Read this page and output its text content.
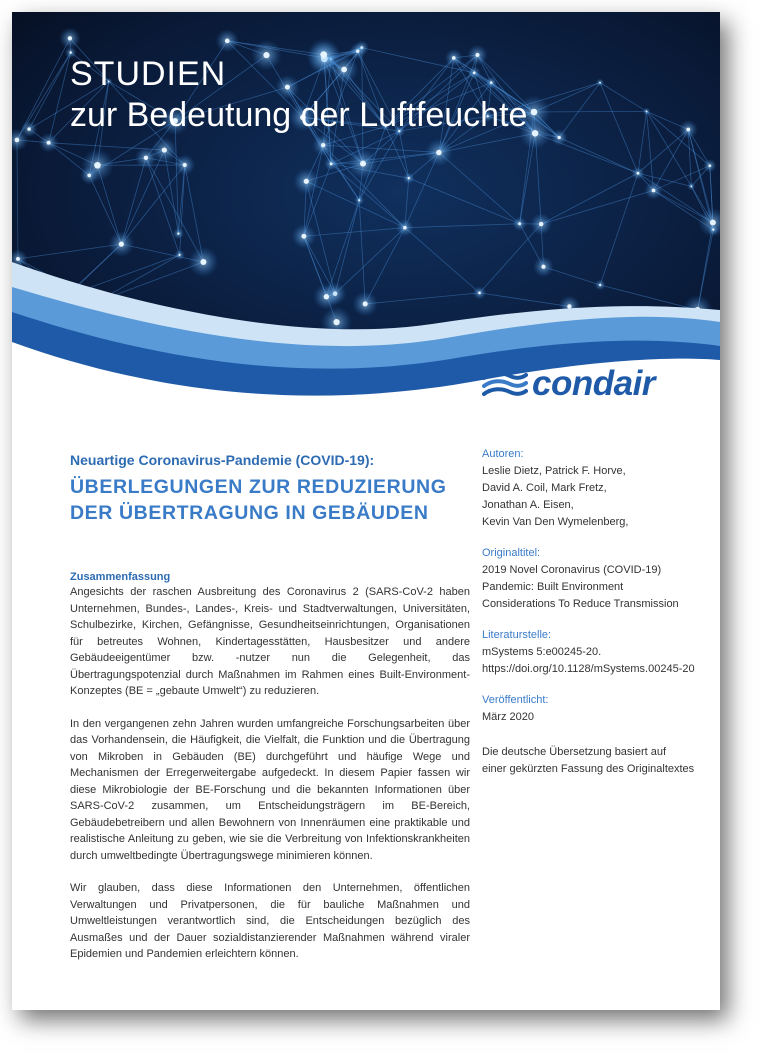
STUDIEN
zur Bedeutung der Luftfeuchte
condair

Neuartige Coronavirus-Pandemie (COVID-19):

ÜBERLEGUNGEN ZUR REDUZIERUNG
DER ÜBERTRAGUNG IN GEBÄUDEN
Zusammenfassung

Angesichts der raschen Ausbreitung des Coronavirus 2 (SARS-CoV-2 haben Unternehmen, Bundes-, Landes-, Kreis- und Stadtverwaltungen, Universitäten, Schulbezirke, Kirchen, Gefängnisse, Gesundheitseinrichtungen, Organisationen für betreutes Wohnen, Kindertagesstätten, Hausbesitzer und andere Gebäudeeigentümer bzw. -nutzer nun die Gelegenheit, das Übertragungspotenzial durch Maßnahmen im Rahmen eines Built-Environment-Konzeptes (BE = „gebaute Umwelt“) zu reduzieren.

In den vergangenen zehn Jahren wurden umfangreiche Forschungsarbeiten über das Vorhandensein, die Häufigkeit, die Vielfalt, die Funktion und die Übertragung von Mikroben in Gebäuden (BE) durchgeführt und häufige Wege und Mechanismen der Erregerweitergabe aufgedeckt. In diesem Papier fassen wir diese Mikrobiologie der BE-Forschung und die bekannten Informationen über SARS-CoV-2 zusammen, um Entscheidungsträgern im BE-Bereich, Gebäudebetreibern und allen Bewohnern von Innenräumen eine praktikable und realistische Anleitung zu geben, wie sie die Verbreitung von Infektionskrankheiten durch umweltbedingte Übertragungswege minimieren können.

Wir glauben, dass diese Informationen den Unternehmen, öffentlichen Verwaltungen und Privatpersonen, die für bauliche Maßnahmen und Umweltleistungen verantwortlich sind, die Entscheidungen bezüglich des Ausmaßes und der Dauer sozialdistanzierender Maßnahmen während viraler Epidemien und Pandemien erleichtern können.

Autoren:
Leslie Dietz, Patrick F. Horve,
David A. Coil, Mark Fretz,
Jonathan A. Eisen,
Kevin Van Den Wymelenberg,
Originaltitel:
2019 Novel Coronavirus (COVID-19)
Pandemic: Built Environment
Considerations To Reduce Transmission
Literaturstelle:
mSystems 5:e00245-20.
https://doi.org/10.1128/mSystems.00245-20
Veröffentlicht:
März 2020
Die deutsche Übersetzung basiert auf
einer gekürzten Fassung des Originaltextes
